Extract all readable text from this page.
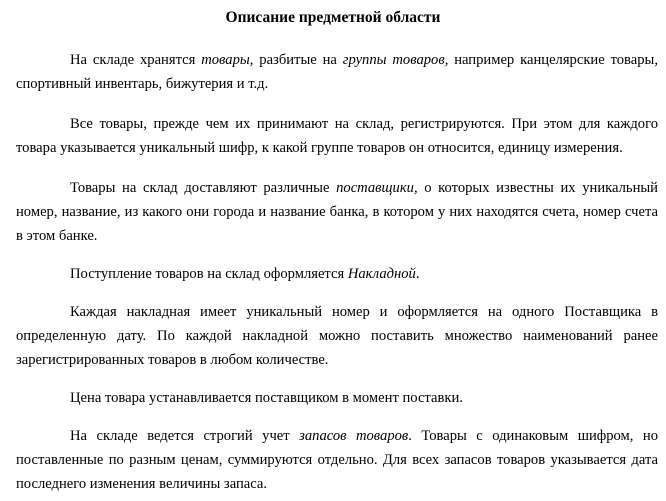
Описание предметной области

На складе хранятся товары, разбитые на группы товаров, например канцелярские товары, спортивный инвентарь, бижутерия и т.д.

Все товары, прежде чем их принимают на склад, регистрируются. При этом для каждого товара указывается уникальный шифр, к какой группе товаров он относится, единицу измерения.

Товары на склад доставляют различные поставщики, о которых известны их уникальный номер, название, из какого они города и название банка, в котором у них находятся счета, номер счета в этом банке.

Поступление товаров на склад оформляется Накладной.

Каждая накладная имеет уникальный номер и оформляется на одного Поставщика в определенную дату. По каждой накладной можно поставить множество наименований ранее зарегистрированных товаров в любом количестве.

Цена товара устанавливается поставщиком в момент поставки.

На складе ведется строгий учет запасов товаров. Товары с одинаковым шифром, но поставленные по разным ценам, суммируются отдельно. Для всех запасов товаров указывается дата последнего изменения величины запаса.
